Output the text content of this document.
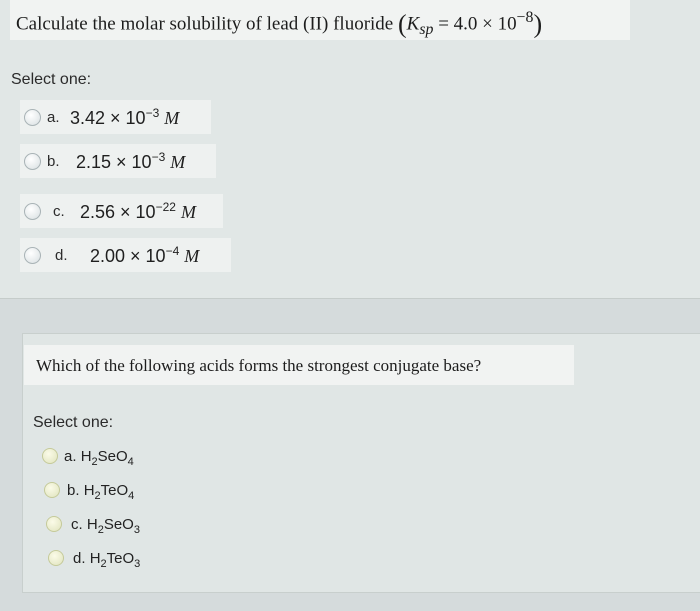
Calculate the molar solubility of lead (II) fluoride $(K_{sp} = 4.0 \times 10^{-8})$
Select one:
a. $3.42 \times 10^{-3}$ M
b. $2.15 \times 10^{-3}$ M
c. $2.56 \times 10^{-22}$ M
d. $2.00 \times 10^{-4}$ M
Which of the following acids forms the strongest conjugate base?
Select one:
a. $H_2SeO_4$
b. $H_2TeO_4$
c. $H_2SeO_3$
d. $H_2TeO_3$
